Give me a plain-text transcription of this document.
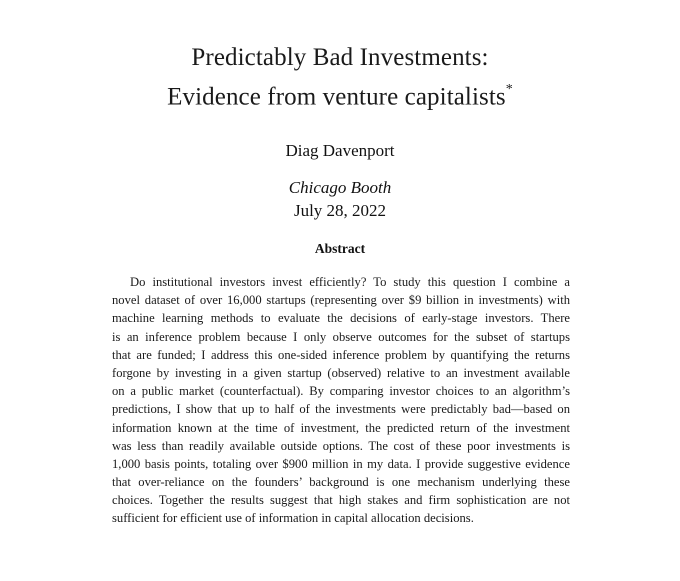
Predictably Bad Investments:
Evidence from venture capitalists*
Diag Davenport
Chicago Booth
July 28, 2022
Abstract
Do institutional investors invest efficiently? To study this question I combine a
novel dataset of over 16,000 startups (representing over $9 billion in investments) with
machine learning methods to evaluate the decisions of early-stage investors. There
is an inference problem because I only observe outcomes for the subset of startups
that are funded; I address this one-sided inference problem by quantifying the returns
forgone by investing in a given startup (observed) relative to an investment available
on a public market (counterfactual). By comparing investor choices to an algorithm’s
predictions, I show that up to half of the investments were predictably bad—based on
information known at the time of investment, the predicted return of the investment
was less than readily available outside options. The cost of these poor investments is
1,000 basis points, totaling over $900 million in my data. I provide suggestive evidence
that over-reliance on the founders’ background is one mechanism underlying these
choices. Together the results suggest that high stakes and firm sophistication are not
sufficient for efficient use of information in capital allocation decisions.
